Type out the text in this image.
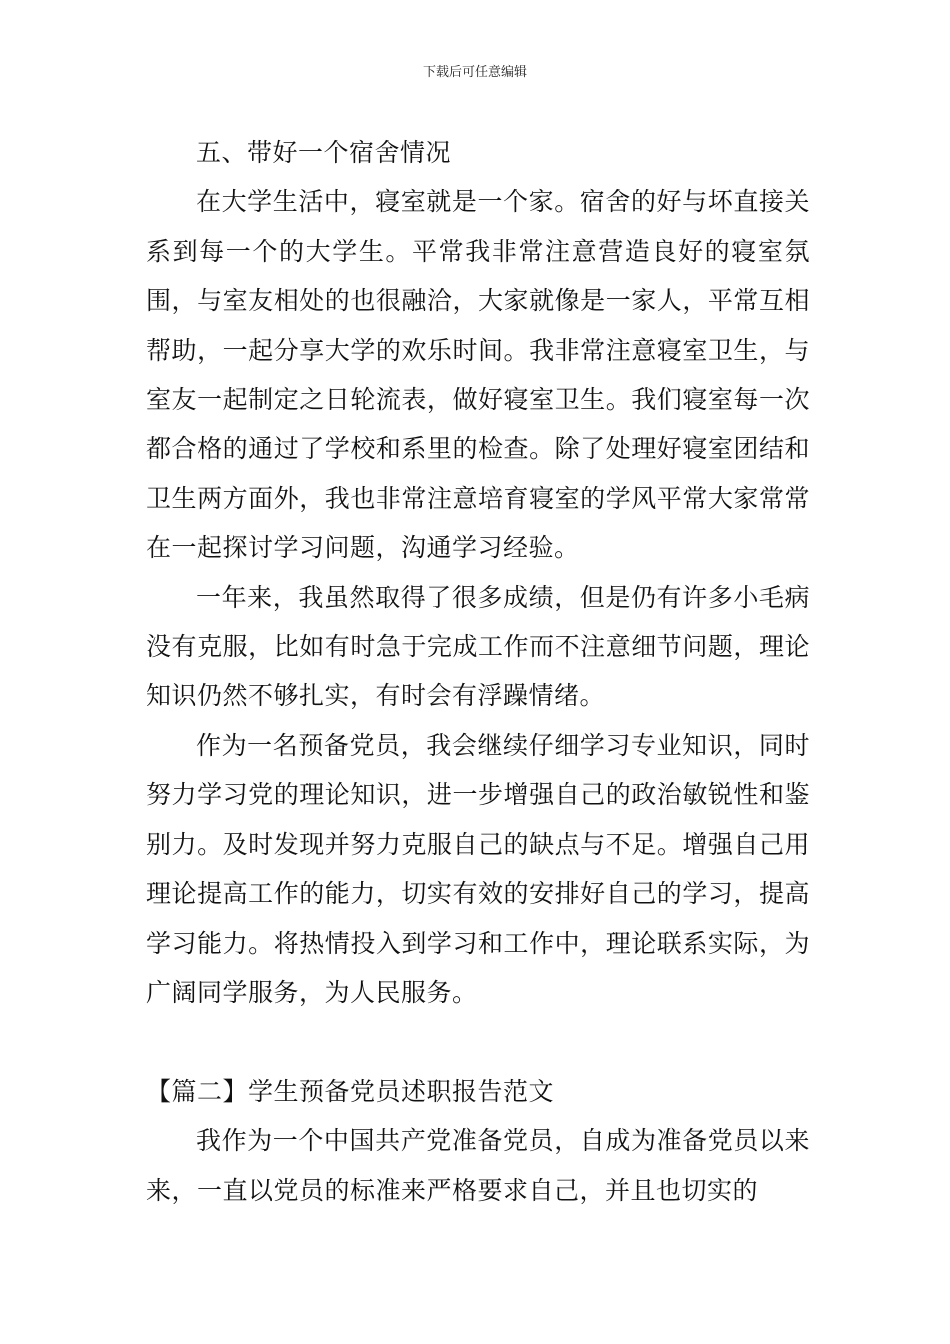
下载后可任意编辑

五、带好一个宿舍情况

在大学生活中，寝室就是一个家。宿舍的好与坏直接关系到每一个的大学生。平常我非常注意营造良好的寝室氛围，与室友相处的也很融洽，大家就像是一家人，平常互相帮助，一起分享大学的欢乐时间。我非常注意寝室卫生，与室友一起制定之日轮流表，做好寝室卫生。我们寝室每一次都合格的通过了学校和系里的检查。除了处理好寝室团结和卫生两方面外，我也非常注意培育寝室的学风平常大家常常在一起探讨学习问题，沟通学习经验。

一年来，我虽然取得了很多成绩，但是仍有许多小毛病没有克服，比如有时急于完成工作而不注意细节问题，理论知识仍然不够扎实，有时会有浮躁情绪。

作为一名预备党员，我会继续仔细学习专业知识，同时努力学习党的理论知识，进一步增强自己的政治敏锐性和鉴别力。及时发现并努力克服自己的缺点与不足。增强自己用理论提高工作的能力，切实有效的安排好自己的学习，提高学习能力。将热情投入到学习和工作中，理论联系实际，为广阔同学服务，为人民服务。

【篇二】学生预备党员述职报告范文

我作为一个中国共产党准备党员，自成为准备党员以来来，一直以党员的标准来严格要求自己，并且也切实的
